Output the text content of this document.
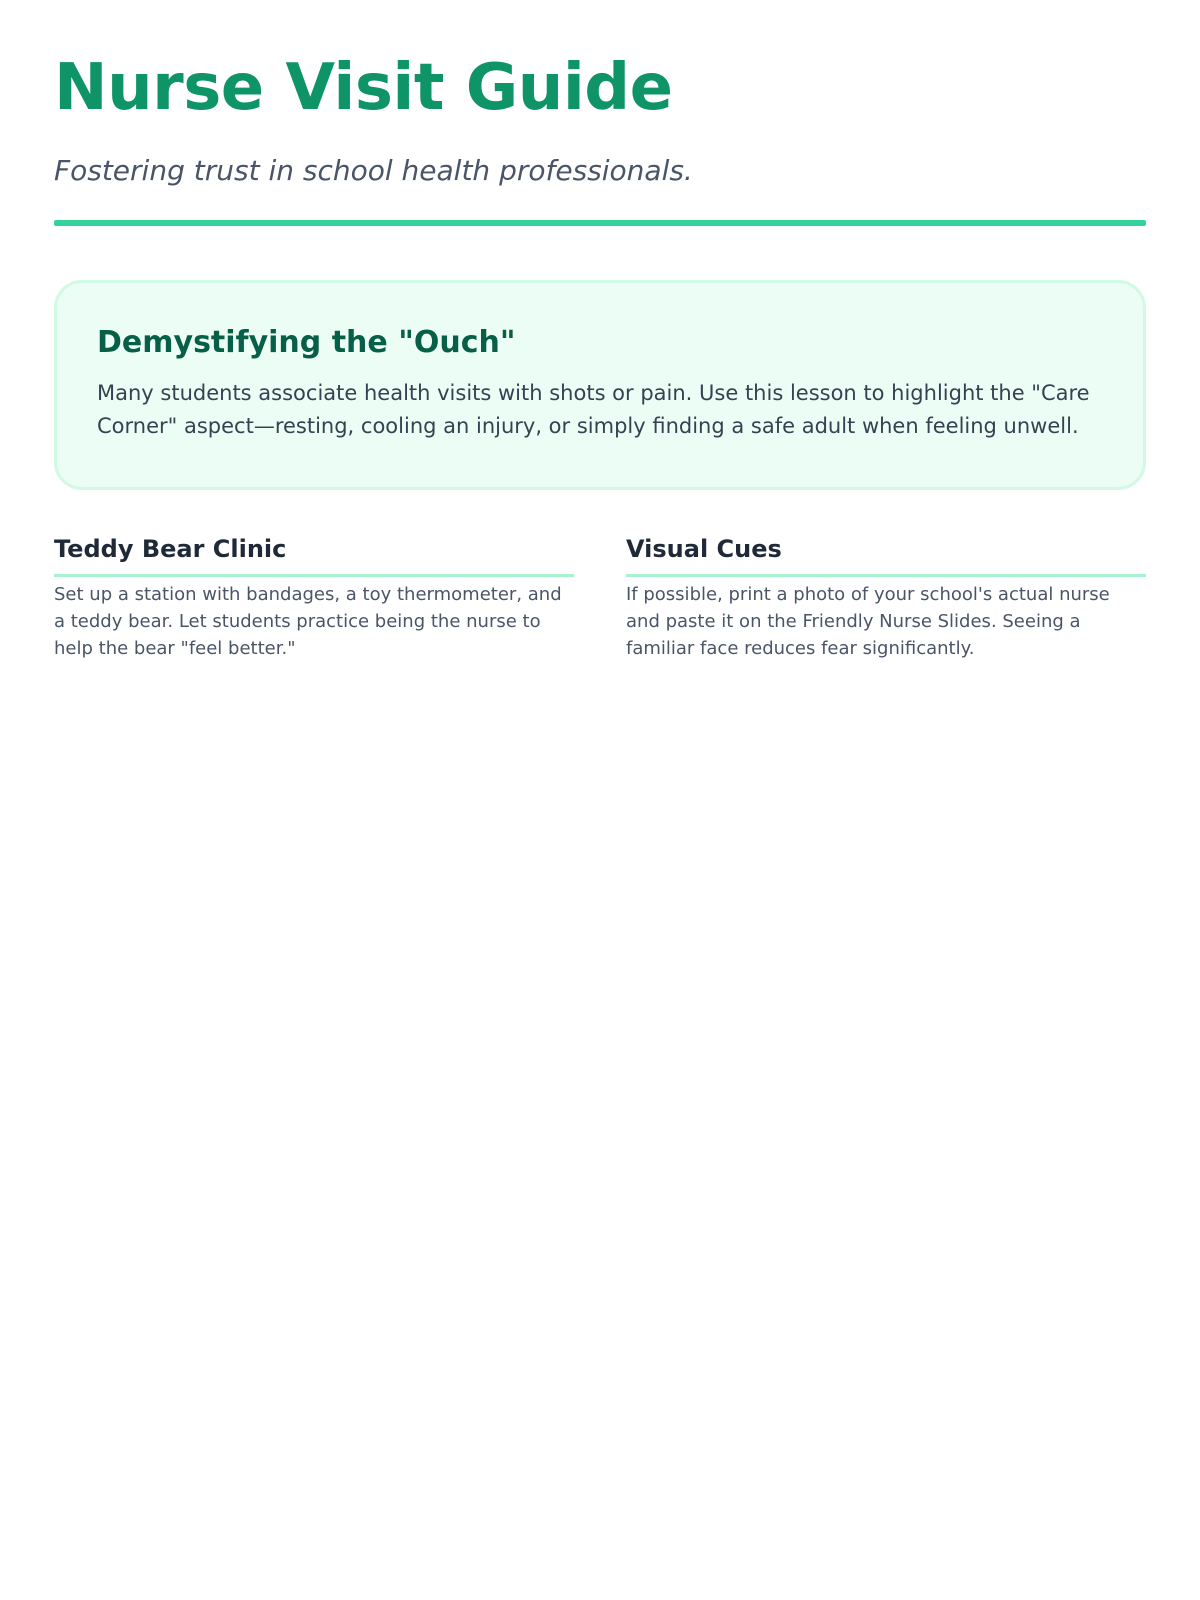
Nurse Visit Guide

Fostering trust in school health professionals.

Demystifying the "Ouch"

Many students associate health visits with shots or pain. Use this lesson to highlight the "Care Corner" aspect—resting, cooling an injury, or simply finding a safe adult when feeling unwell.

Teddy Bear Clinic

Set up a station with bandages, a toy thermometer, and a teddy bear. Let students practice being the nurse to help the bear "feel better."

Visual Cues

If possible, print a photo of your school's actual nurse and paste it on the Friendly Nurse Slides. Seeing a familiar face reduces fear significantly.
